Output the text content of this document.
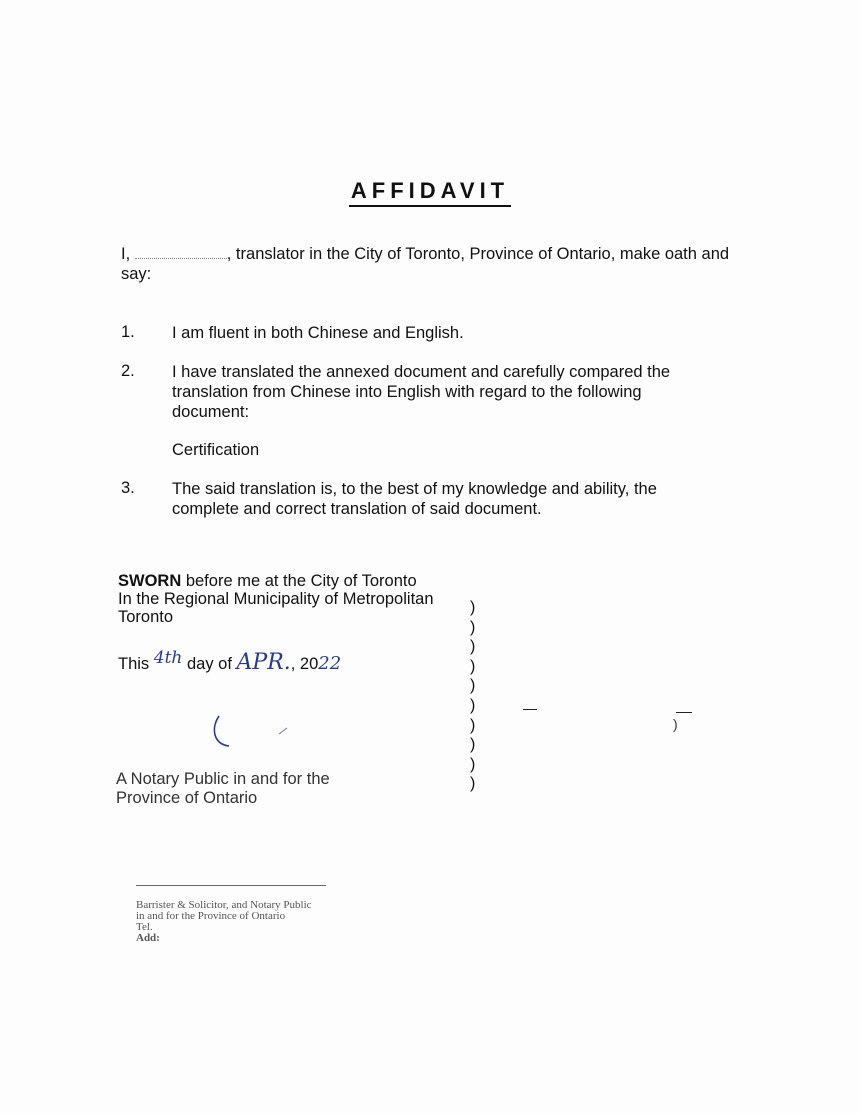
AFFIDAVIT
I,	, translator in the City of Toronto, Province of Ontario, make oath and say:
1. I am fluent in both Chinese and English.
2. I have translated the annexed document and carefully compared the translation from Chinese into English with regard to the following document:
Certification
3. The said translation is, to the best of my knowledge and ability, the complete and correct translation of said document.
SWORN before me at the City of Toronto
In the Regional Municipality of Metropolitan
Toronto
This 4th day of APR., 2022
)
)
)
)
)
)
)
)
)
)
)
A Notary Public in and for the
Province of Ontario
Barrister & Solicitor, and Notary Public
in and for the Province of Ontario
Tel.
Add:
